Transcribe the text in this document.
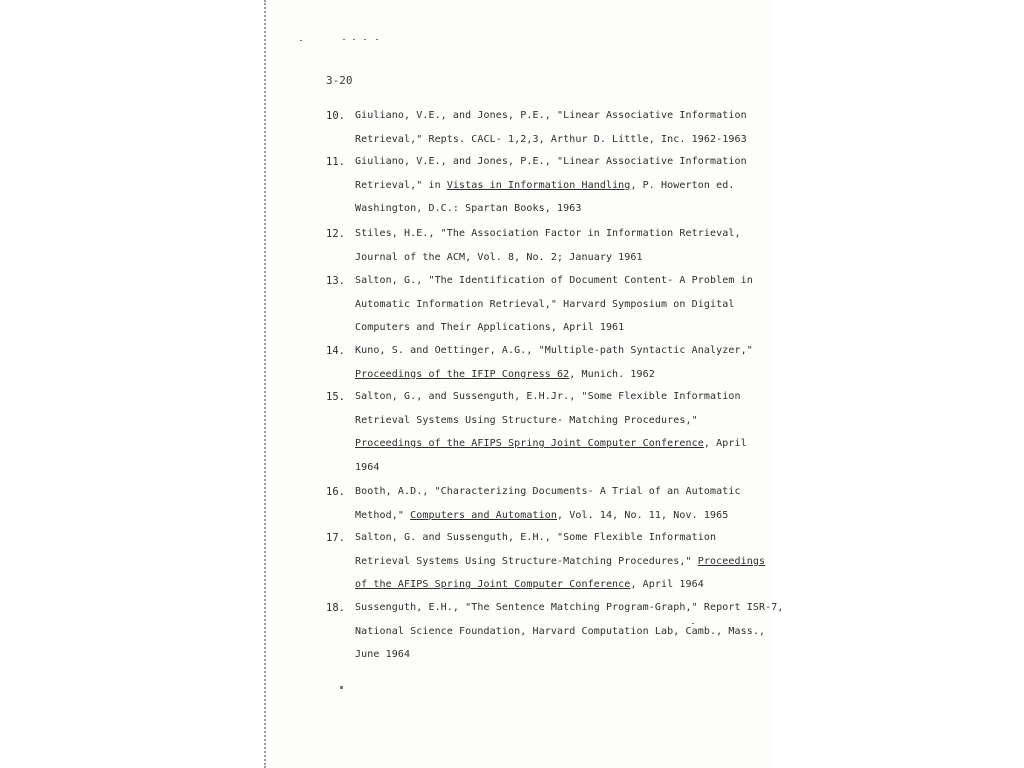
3-20
10. Giuliano, V.E., and Jones, P.E., "Linear Associative Information
Retrieval," Repts. CACL- 1,2,3, Arthur D. Little, Inc. 1962-1963
11. Giuliano, V.E., and Jones, P.E., "Linear Associative Information
Retrieval," in Vistas in Information Handling, P. Howerton ed.
Washington, D.C.: Spartan Books, 1963
12. Stiles, H.E., "The Association Factor in Information Retrieval,
Journal of the ACM, Vol. 8, No. 2; January 1961
13. Salton, G., "The Identification of Document Content- A Problem in
Automatic Information Retrieval," Harvard Symposium on Digital
Computers and Their Applications, April 1961
14. Kuno, S. and Oettinger, A.G., "Multiple-path Syntactic Analyzer,"
Proceedings of the IFIP Congress 62, Munich. 1962
15. Salton, G., and Sussenguth, E.H.Jr., "Some Flexible Information
Retrieval Systems Using Structure- Matching Procedures,"
Proceedings of the AFIPS Spring Joint Computer Conference, April
1964
16. Booth, A.D., "Characterizing Documents- A Trial of an Automatic
Method," Computers and Automation, Vol. 14, No. 11, Nov. 1965
17. Salton, G. and Sussenguth, E.H., "Some Flexible Information
Retrieval Systems Using Structure-Matching Procedures," Proceedings
of the AFIPS Spring Joint Computer Conference, April 1964
18. Sussenguth, E.H., "The Sentence Matching Program-Graph," Report ISR-7,
National Science Foundation, Harvard Computation Lab, Camb., Mass.,
June 1964
